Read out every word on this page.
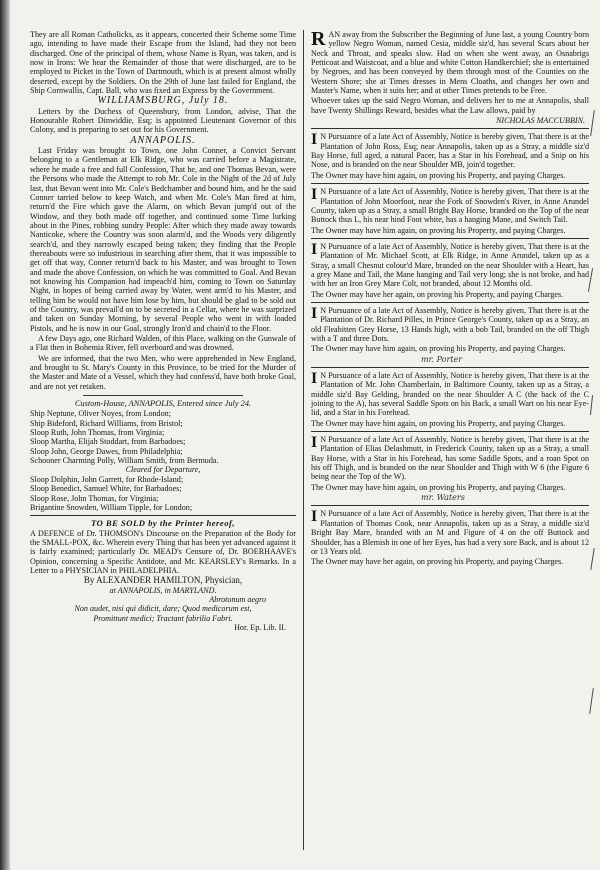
They are all Roman Catholicks, as it appears, concerted their Scheme some Time ago, intending to have made their Escape from the Island, had they not been discharged. One of the principal of them, whose Name is Ryan, was taken, and is now in Irons: We hear the Remainder of those that were discharged, are to be employed to Picket in the Town of Dartmouth, which is at present almost wholly deserted, except by the Soldiers. On the 29th of June last failed for England, the Ship Cornwallis, Capt. Ball, who was fixed an Express by the Government.

WILLIAMSBURG, July 18.

Letters by the Duchess of Queensbury, from London, advise, That the Honourable Robert Dinwiddie, Esq; is appointed Lieutenant Governor of this Colony, and is preparing to set out for his Government.

ANNAPOLIS.

Last Friday was brought to Town, one John Conner, a Convict Servant belonging to a Gentleman at Elk Ridge, who was carried before a Magistrate, where he made a free and full Confession, That he, and one Thomas Bevan, were the Persons who made the Attempt to rob Mr. Cole in the Night of the 2d of July last, that Bevan went into Mr. Cole's Bedchamber and bound him, and he the said Conner tarried below to keep Watch, and when Mr. Cole's Man fired at him, return'd the Fire which gave the Alarm, on which Bevan jump'd out of the Window, and they both made off together, and continued some Time lurking about in the Pines, robbing sundry People: After which they made away towards Nanticoke, where the Country was soon alarm'd, and the Woods very diligently search'd, and they narrowly escaped being taken; they finding that the People thereabouts were so industrious in searching after them, that it was impossible to get off that way, Conner return'd back to his Master, and was brought to Town and made the above Confession, on which he was committed to Goal. And Bevan not knowing his Companion had impeach'd him, coming to Town on Saturday Night, in hopes of being carried away by Water, went arm'd to his Master, and telling him he would not have him lose by him, but should be glad to be sold out of the Country, was prevail'd on to be secreted in a Cellar, where he was surprized and taken on Sunday Morning, by several People who went in with loaded Pistols, and he is now in our Goal, strongly Iron'd and chain'd to the Floor.

A few Days ago, one Richard Walden, of this Place, walking on the Gunwale of a Flat then in Bohemia River, fell overboard and was drowned.

We are informed, that the two Men, who were apprehended in New England, and brought to St. Mary's County in this Province, to be tried for the Murder of the Master and Mate of a Vessel, which they had confess'd, have both broke Goal, and are not yet retaken.

Custom-House, ANNAPOLIS, Entered since July 24.
Ship Neptune, Oliver Noyes, from London;
Ship Bideford, Richard Williams, from Bristol;
Sloop Ruth, John Thomas, from Virginia;
Sloop Martha, Elijah Stoddart, from Barbadoes;
Sloop John, George Dawes, from Philadelphia;
Schooner Charming Polly, William Smith, from Bermuda.
Cleared for Departure,
Sloop Dolphin, John Garrett, for Rhode-Island;
Sloop Benedict, Samuel White, for Barbadoes;
Sloop Rose, John Thomas, for Virginia;
Brigantine Snowden, William Tipple, for London;

TO BE SOLD by the Printer hereof,

A DEFENCE of Dr. THOMSON's Discourse on the Preparation of the Body for the SMALL-POX, &c. Wherein every Thing that has been yet advanced against it is fairly examined; particularly Dr. MEAD's Censure of, Dr. BOERHAAVE's Opinion, concerning a Specific Antidote, and Mr. KEARSLEY's Remarks. In a Letter to a PHYSICIAN in PHILADELPHIA.

By ALEXANDER HAMILTON, Physician,

at ANNAPOLIS, in MARYLAND.

Abrotonum aegro

Non audet, nisi qui didicit, dare; Quod medicorum est,

Promittunt medici; Tractant fabrilia Fabri.

Hor. Ep. Lib. II.

RAN away from the Subscriber the Beginning of June last, a young Country born yellow Negro Woman, named Cesia, middle siz'd, has several Scars about her Neck and Throat, and speaks slow. Had on when she went away, an Osnabrigs Petticoat and Waistcoat, and a blue and white Cotton Handkerchief; she is entertained by Negroes, and has been conveyed by them through most of the Counties on the Western Shore; she at Times dresses in Mens Cloaths, and changes her own and Master's Name, when it suits her; and at other Times pretends to be Free.

Whoever takes up the said Negro Woman, and delivers her to me at Annapolis, shall have Twenty Shillings Reward, besides what the Law allows, paid by

NICHOLAS MACCUBBIN.

I N Pursuance of a late Act of Assembly, Notice is hereby given, That there is at the Plantation of John Ross, Esq; near Annapolis, taken up as a Stray, a middle siz'd Bay Horse, full aged, a natural Pacer, has a Star in his Forehead, and a Snip on his Nose, and is branded on the near Shoulder MB, join'd together.

The Owner may have him again, on proving his Property, and paying Charges.

I N Pursuance of a late Act of Assembly, Notice is hereby given, That there is at the Plantation of John Moorfoot, near the Fork of Snowden's River, in Anne Arundel County, taken up as a Stray, a small Bright Bay Horse, branded on the Top of the near Buttock thus L, his near hind Foot white, has a hanging Mane, and Switch Tail.

The Owner may have him again, on proving his Property, and paying Charges.

I N Pursuance of a late Act of Assembly, Notice is hereby given, That there is at the Plantation of Mr. Michael Scott, at Elk Ridge, in Anne Arundel, taken up as a Stray, a small Chesnut colour'd Mare, branded on the near Shoulder with a Heart, has a grey Mane and Tail, the Mane hanging and Tail very long; she is not broke, and had with her an Iron Grey Mare Colt, not branded, about 12 Months old.

The Owner may have her again, on proving his Property, and paying Charges.

I N Pursuance of a late Act of Assembly, Notice is hereby given, That there is at the Plantation of Dr. Richard Pilles, in Prince George's County, taken up as a Stray, an old Fleabitten Grey Horse, 13 Hands high, with a bob Tail, branded on the off Thigh with a T and three Dots.

The Owner may have him again, on proving his Property, and paying Charges.

mr. Porter

I N Pursuance of a late Act of Assembly, Notice is hereby given, That there is at the Plantation of Mr. John Chamberlain, in Baltimore County, taken up as a Stray, a middle siz'd Bay Gelding, branded on the near Shoulder A C (the back of the C joining to the A), has several Saddle Spots on his Back, a small Wart on his near Eye-lid, and a Star in his Forehead.

The Owner may have him again, on proving his Property, and paying Charges.

I N Pursuance of a late Act of Assembly, Notice is hereby given, That there is at the Plantation of Elias Delashmutt, in Frederick County, taken up as a Stray, a small Bay Horse, with a Star in his Forehead, has some Saddle Spots, and a roan Spot on his off Thigh, and is branded on the near Shoulder and Thigh with W 6 (the Figure 6 being near the Top of the W).

The Owner may have him again, on proving his Property, and paying Charges.

mr. Waters

I N Pursuance of a late Act of Assembly, Notice is hereby given, That there is at the Plantation of Thomas Cook, near Annapolis, taken up as a Stray, a middle siz'd Bright Bay Mare, branded with an M and Figure of 4 on the off Buttock and Shoulder, has a Blemish in one of her Eyes, has had a very sore Back, and is about 12 or 13 Years old.

The Owner may have her again, on proving his Property, and paying Charges.
